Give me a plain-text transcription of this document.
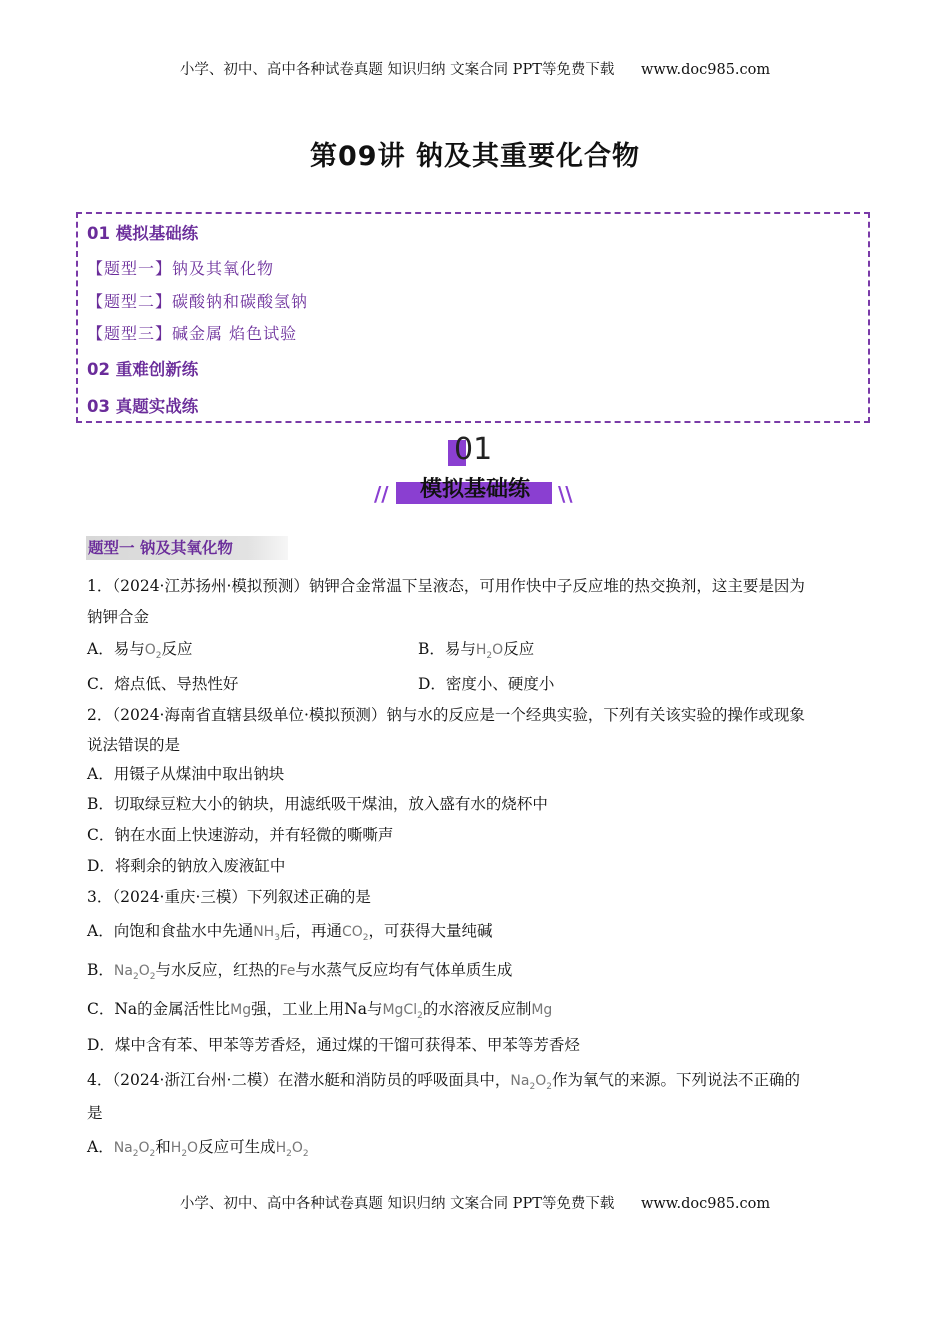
小学、初中、高中各种试卷真题 知识归纳 文案合同 PPT等免费下载 www.doc985.com
第09讲 钠及其重要化合物
01 模拟基础练
【题型一】钠及其氧化物
【题型二】碳酸钠和碳酸氢钠
【题型三】碱金属 焰色试验
02 重难创新练
03 真题实战练
01
//	模拟基础练	\\
题型一 钠及其氧化物
1．（2024·江苏扬州·模拟预测）钠钾合金常温下呈液态，可用作快中子反应堆的热交换剂，这主要是因为
钠钾合金
A．易与$O_2$反应	B．易与$H_2O$反应
C．熔点低、导热性好	D．密度小、硬度小
2．（2024·海南省直辖县级单位·模拟预测）钠与水的反应是一个经典实验，下列有关该实验的操作或现象
说法错误的是
A．用镊子从煤油中取出钠块
B．切取绿豆粒大小的钠块，用滤纸吸干煤油，放入盛有水的烧杯中
C．钠在水面上快速游动，并有轻微的嘶嘶声
D．将剩余的钠放入废液缸中
3．（2024·重庆·三模）下列叙述正确的是
A．向饱和食盐水中先通$NH_3$后，再通$CO_2$，可获得大量纯碱
B．$Na_2O_2$与水反应，红热的Fe与水蒸气反应均有气体单质生成
C．Na的金属活性比Mg强，工业上用Na与MgCl$_2$的水溶液反应制Mg
D．煤中含有苯、甲苯等芳香烃，通过煤的干馏可获得苯、甲苯等芳香烃
4．（2024·浙江台州·二模）在潜水艇和消防员的呼吸面具中，$Na_2O_2$作为氧气的来源。下列说法不正确的
是
A．$Na_2O_2$和$H_2O$反应可生成$H_2O_2$
小学、初中、高中各种试卷真题 知识归纳 文案合同 PPT等免费下载 www.doc985.com
